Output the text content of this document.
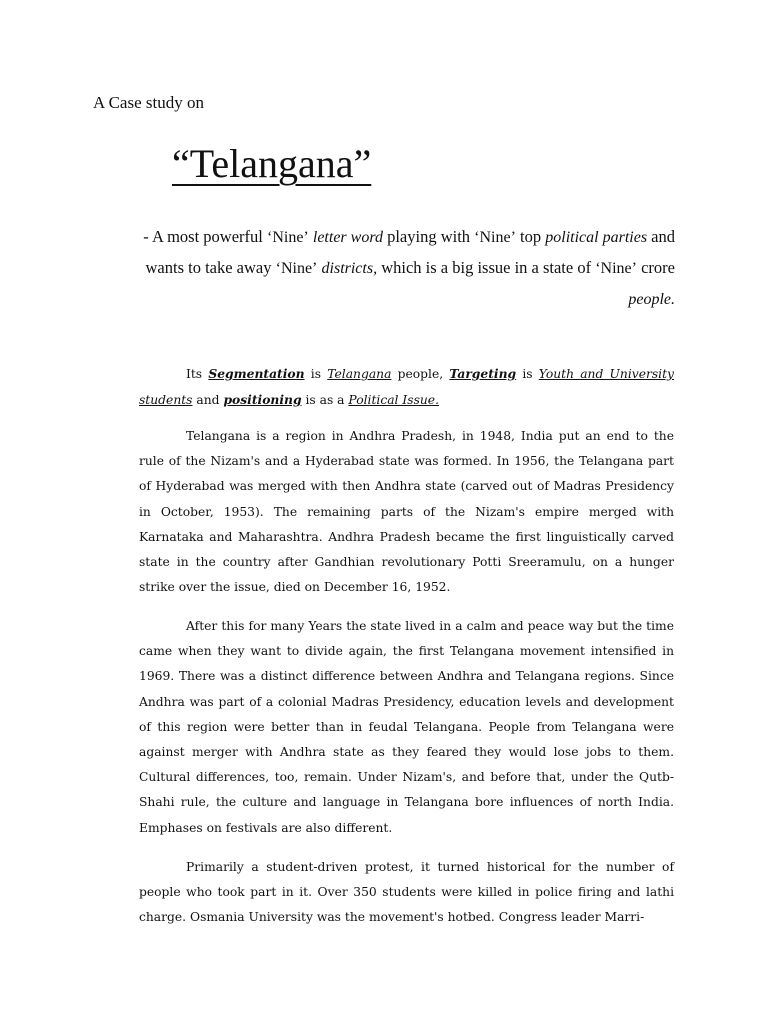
A Case study on
“Telangana”
- A most powerful ‘Nine’ letter word playing with ‘Nine’ top political parties and wants to take away ‘Nine’ districts, which is a big issue in a state of ‘Nine’ crore people.

Its Segmentation is Telangana people, Targeting is Youth and University students and positioning is as a Political Issue.

Telangana is a region in Andhra Pradesh, in 1948, India put an end to the rule of the Nizam's and a Hyderabad state was formed. In 1956, the Telangana part of Hyderabad was merged with then Andhra state (carved out of Madras Presidency in October, 1953). The remaining parts of the Nizam's empire merged with Karnataka and Maharashtra. Andhra Pradesh became the first linguistically carved state in the country after Gandhian revolutionary Potti Sreeramulu, on a hunger strike over the issue, died on December 16, 1952.

After this for many Years the state lived in a calm and peace way but the time came when they want to divide again, the first Telangana movement intensified in 1969. There was a distinct difference between Andhra and Telangana regions. Since Andhra was part of a colonial Madras Presidency, education levels and development of this region were better than in feudal Telangana. People from Telangana were against merger with Andhra state as they feared they would lose jobs to them. Cultural differences, too, remain. Under Nizam's, and before that, under the Qutb-Shahi rule, the culture and language in Telangana bore influences of north India. Emphases on festivals are also different.

Primarily a student-driven protest, it turned historical for the number of people who took part in it. Over 350 students were killed in police firing and lathi charge. Osmania University was the movement's hotbed. Congress leader Marri-
